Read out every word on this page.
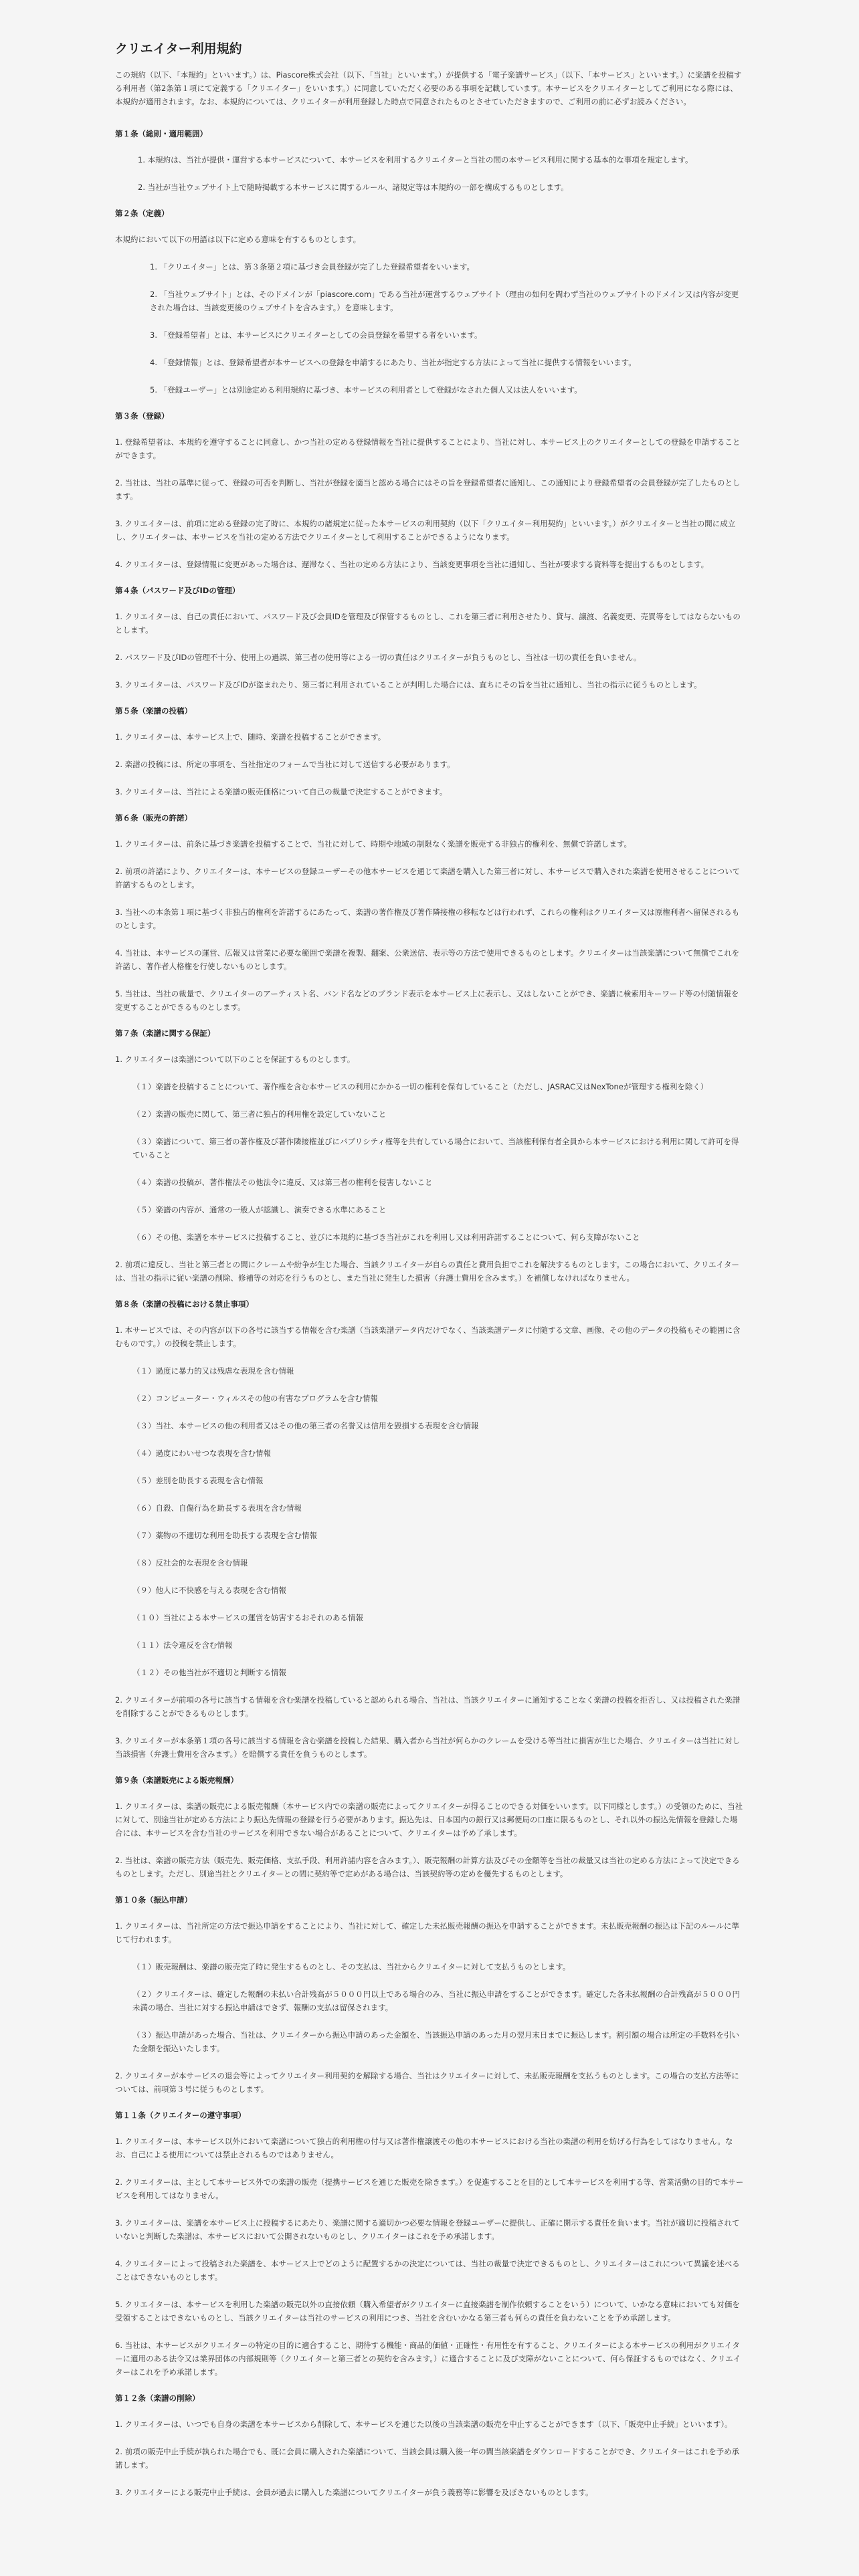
クリエイター利用規約

この規約（以下、「本規約」といいます。）は、Piascore株式会社（以下、「当社」といいます。）が提供する「電子楽譜サービス」（以下、「本サービス」といいます。）に楽譜を投稿する利用者（第2条第１項にて定義する「クリエイター」をいいます。）に同意していただく必要のある事項を記載しています。本サービスをクリエイターとしてご利用になる際には、本規約が適用されます。なお、本規約については、クリエイターが利用登録した時点で同意されたものとさせていただきますので、ご利用の前に必ずお読みください。

第１条（総則・適用範囲）

1. 本規約は、当社が提供・運営する本サービスについて、本サービスを利用するクリエイターと当社の間の本サービス利用に関する基本的な事項を規定します。

2. 当社が当社ウェブサイト上で随時掲載する本サービスに関するルール、諸規定等は本規約の一部を構成するものとします。

第２条（定義）

本規約において以下の用語は以下に定める意味を有するものとします。

1. 「クリエイター」とは、第３条第２項に基づき会員登録が完了した登録希望者をいいます。

2. 「当社ウェブサイト」とは、そのドメインが「piascore.com」である当社が運営するウェブサイト（理由の如何を問わず当社のウェブサイトのドメイン又は内容が変更された場合は、当該変更後のウェブサイトを含みます。）を意味します。

3. 「登録希望者」とは、本サービスにクリエイターとしての会員登録を希望する者をいいます。

4. 「登録情報」とは、登録希望者が本サービスへの登録を申請するにあたり、当社が指定する方法によって当社に提供する情報をいいます。

5. 「登録ユーザー」とは別途定める利用規約に基づき、本サービスの利用者として登録がなされた個人又は法人をいいます。

第３条（登録）

1. 登録希望者は、本規約を遵守することに同意し、かつ当社の定める登録情報を当社に提供することにより、当社に対し、本サービス上のクリエイターとしての登録を申請することができます。

2. 当社は、当社の基準に従って、登録の可否を判断し、当社が登録を適当と認める場合にはその旨を登録希望者に通知し、この通知により登録希望者の会員登録が完了したものとします。

3. クリエイターは、前項に定める登録の完了時に、本規約の諸規定に従った本サービスの利用契約（以下「クリエイター利用契約」といいます。）がクリエイターと当社の間に成立し、クリエイターは、本サービスを当社の定める方法でクリエイターとして利用することができるようになります。

4. クリエイターは、登録情報に変更があった場合は、遅滞なく、当社の定める方法により、当該変更事項を当社に通知し、当社が要求する資料等を提出するものとします。

第４条（パスワード及びIDの管理）

1. クリエイターは、自己の責任において、パスワード及び会員IDを管理及び保管するものとし、これを第三者に利用させたり、貸与、譲渡、名義変更、売買等をしてはならないものとします。

2. パスワード及びIDの管理不十分、使用上の過誤、第三者の使用等による一切の責任はクリエイターが負うものとし、当社は一切の責任を負いません。

3. クリエイターは、パスワード及びIDが盗まれたり、第三者に利用されていることが判明した場合には、直ちにその旨を当社に通知し、当社の指示に従うものとします。

第５条（楽譜の投稿）

1. クリエイターは、本サービス上で、随時、楽譜を投稿することができます。

2. 楽譜の投稿には、所定の事項を、当社指定のフォームで当社に対して送信する必要があります。

3. クリエイターは、当社による楽譜の販売価格について自己の裁量で決定することができます。

第６条（販売の許諾）

1. クリエイターは、前条に基づき楽譜を投稿することで、当社に対して、時期や地域の制限なく楽譜を販売する非独占的権利を、無償で許諾します。

2. 前項の許諾により、クリエイターは、本サービスの登録ユーザーその他本サービスを通じて楽譜を購入した第三者に対し、本サービスで購入された楽譜を使用させることについて許諾するものとします。

3. 当社への本条第１項に基づく非独占的権利を許諾するにあたって、楽譜の著作権及び著作隣接権の移転などは行われず、これらの権利はクリエイター又は原権利者へ留保されるものとします。

4. 当社は、本サービスの運営、広報又は営業に必要な範囲で楽譜を複製、翻案、公衆送信、表示等の方法で使用できるものとします。クリエイターは当該楽譜について無償でこれを許諾し、著作者人格権を行使しないものとします。

5. 当社は、当社の裁量で、クリエイターのアーティスト名、バンド名などのブランド表示を本サービス上に表示し、又はしないことができ、楽譜に検索用キーワード等の付随情報を変更することができるものとします。

第７条（楽譜に関する保証）

1. クリエイターは楽譜について以下のことを保証するものとします。

（１）楽譜を投稿することについて、著作権を含む本サービスの利用にかかる一切の権利を保有していること（ただし、JASRAC又はNexToneが管理する権利を除く）

（２）楽譜の販売に関して、第三者に独占的利用権を設定していないこと

（３）楽譜について、第三者の著作権及び著作隣接権並びにパブリシティ権等を共有している場合において、当該権利保有者全員から本サービスにおける利用に関して許可を得ていること

（４）楽譜の投稿が、著作権法その他法令に違反、又は第三者の権利を侵害しないこと

（５）楽譜の内容が、通常の一般人が認識し、演奏できる水準にあること

（６）その他、楽譜を本サービスに投稿すること、並びに本規約に基づき当社がこれを利用し又は利用許諾することについて、何ら支障がないこと

2. 前項に違反し、当社と第三者との間にクレームや紛争が生じた場合、当該クリエイターが自らの責任と費用負担でこれを解決するものとします。この場合において、クリエイターは、当社の指示に従い楽譜の削除、修補等の対応を行うものとし、また当社に発生した損害（弁護士費用を含みます。）を補償しなければなりません。

第８条（楽譜の投稿における禁止事項）

1. 本サービスでは、その内容が以下の各号に該当する情報を含む楽譜（当該楽譜データ内だけでなく、当該楽譜データに付随する文章、画像、その他のデータの投稿もその範囲に含むものです。）の投稿を禁止します。

（１）過度に暴力的又は残虐な表現を含む情報

（２）コンピューター・ウィルスその他の有害なプログラムを含む情報

（３）当社、本サービスの他の利用者又はその他の第三者の名誉又は信用を毀損する表現を含む情報

（４）過度にわいせつな表現を含む情報

（５）差別を助長する表現を含む情報

（６）自殺、自傷行為を助長する表現を含む情報

（７）薬物の不適切な利用を助長する表現を含む情報

（８）反社会的な表現を含む情報

（９）他人に不快感を与える表現を含む情報

（１０）当社による本サービスの運営を妨害するおそれのある情報

（１１）法令違反を含む情報

（１２）その他当社が不適切と判断する情報

2. クリエイターが前項の各号に該当する情報を含む楽譜を投稿していると認められる場合、当社は、当該クリエイターに通知することなく楽譜の投稿を拒否し、又は投稿された楽譜を削除することができるものとします。

3. クリエイターが本条第１項の各号に該当する情報を含む楽譜を投稿した結果、購入者から当社が何らかのクレームを受ける等当社に損害が生じた場合、クリエイターは当社に対し当該損害（弁護士費用を含みます。）を賠償する責任を負うものとします。

第９条（楽譜販売による販売報酬）

1. クリエイターは、楽譜の販売による販売報酬（本サービス内での楽譜の販売によってクリエイターが得ることのできる対価をいいます。以下同様とします。）の受領のために、当社に対して、別途当社が定める方法により振込先情報の登録を行う必要があります。振込先は、日本国内の銀行又は郵便局の口座に限るものとし、それ以外の振込先情報を登録した場合には、本サービスを含む当社のサービスを利用できない場合があることについて、クリエイターは予め了承します。

2. 当社は、楽譜の販売方法（販売先、販売価格、支払手段、利用許諾内容を含みます。）、販売報酬の計算方法及びその金額等を当社の裁量又は当社の定める方法によって決定できるものとします。ただし、別途当社とクリエイターとの間に契約等で定めがある場合は、当該契約等の定めを優先するものとします。

第１０条（振込申請）

1. クリエイターは、当社所定の方法で振込申請をすることにより、当社に対して、確定した未払販売報酬の振込を申請することができます。未払販売報酬の振込は下記のルールに準じて行われます。

（１）販売報酬は、楽譜の販売完了時に発生するものとし、その支払は、当社からクリエイターに対して支払うものとします。

（２）クリエイターは、確定した報酬の未払い合計残高が５０００円以上である場合のみ、当社に振込申請をすることができます。確定した各未払報酬の合計残高が５０００円未満の場合、当社に対する振込申請はできず、報酬の支払は留保されます。

（３）振込申請があった場合、当社は、クリエイターから振込申請のあった金額を、当該振込申請のあった月の翌月末日までに振込します。割引額の場合は所定の手数料を引いた金額を振込いたします。

2. クリエイターが本サービスの退会等によってクリエイター利用契約を解除する場合、当社はクリエイターに対して、未払販売報酬を支払うものとします。この場合の支払方法等については、前項第３号に従うものとします。

第１１条（クリエイターの遵守事項）

1. クリエイターは、本サービス以外において楽譜について独占的利用権の付与又は著作権譲渡その他の本サービスにおける当社の楽譜の利用を妨げる行為をしてはなりません。なお、自己による使用については禁止されるものではありません。

2. クリエイターは、主として本サービス外での楽譜の販売（提携サービスを通じた販売を除きます。）を促進することを目的として本サービスを利用する等、営業活動の目的で本サービスを利用してはなりません。

3. クリエイターは、楽譜を本サービス上に投稿するにあたり、楽譜に関する適切かつ必要な情報を登録ユーザーに提供し、正確に開示する責任を負います。当社が適切に投稿されていないと判断した楽譜は、本サービスにおいて公開されないものとし、クリエイターはこれを予め承諾します。

4. クリエイターによって投稿された楽譜を、本サービス上でどのように配置するかの決定については、当社の裁量で決定できるものとし、クリエイターはこれについて異議を述べることはできないものとします。

5. クリエイターは、本サービスを利用した楽譜の販売以外の直接依頼（購入希望者がクリエイターに直接楽譜を制作依頼することをいう）について、いかなる意味においても対価を受領することはできないものとし、当該クリエイターは当社のサービスの利用につき、当社を含むいかなる第三者も何らの責任を負わないことを予め承諾します。

6. 当社は、本サービスがクリエイターの特定の目的に適合すること、期待する機能・商品的価値・正確性・有用性を有すること、クリエイターによる本サービスの利用がクリエイターに適用のある法令又は業界団体の内部規則等（クリエイターと第三者との契約を含みます。）に適合することに及び支障がないことについて、何ら保証するものではなく、クリエイターはこれを予め承諾します。

第１２条（楽譜の削除）

1. クリエイターは、いつでも自身の楽譜を本サービスから削除して、本サービスを通じた以後の当該楽譜の販売を中止することができます（以下、「販売中止手続」といいます）。

2. 前項の販売中止手続が執られた場合でも、既に会員に購入された楽譜について、当該会員は購入後一年の間当該楽譜をダウンロードすることができ、クリエイターはこれを予め承諾します。

3. クリエイターによる販売中止手続は、会員が過去に購入した楽譜についてクリエイターが負う義務等に影響を及ぼさないものとします。
